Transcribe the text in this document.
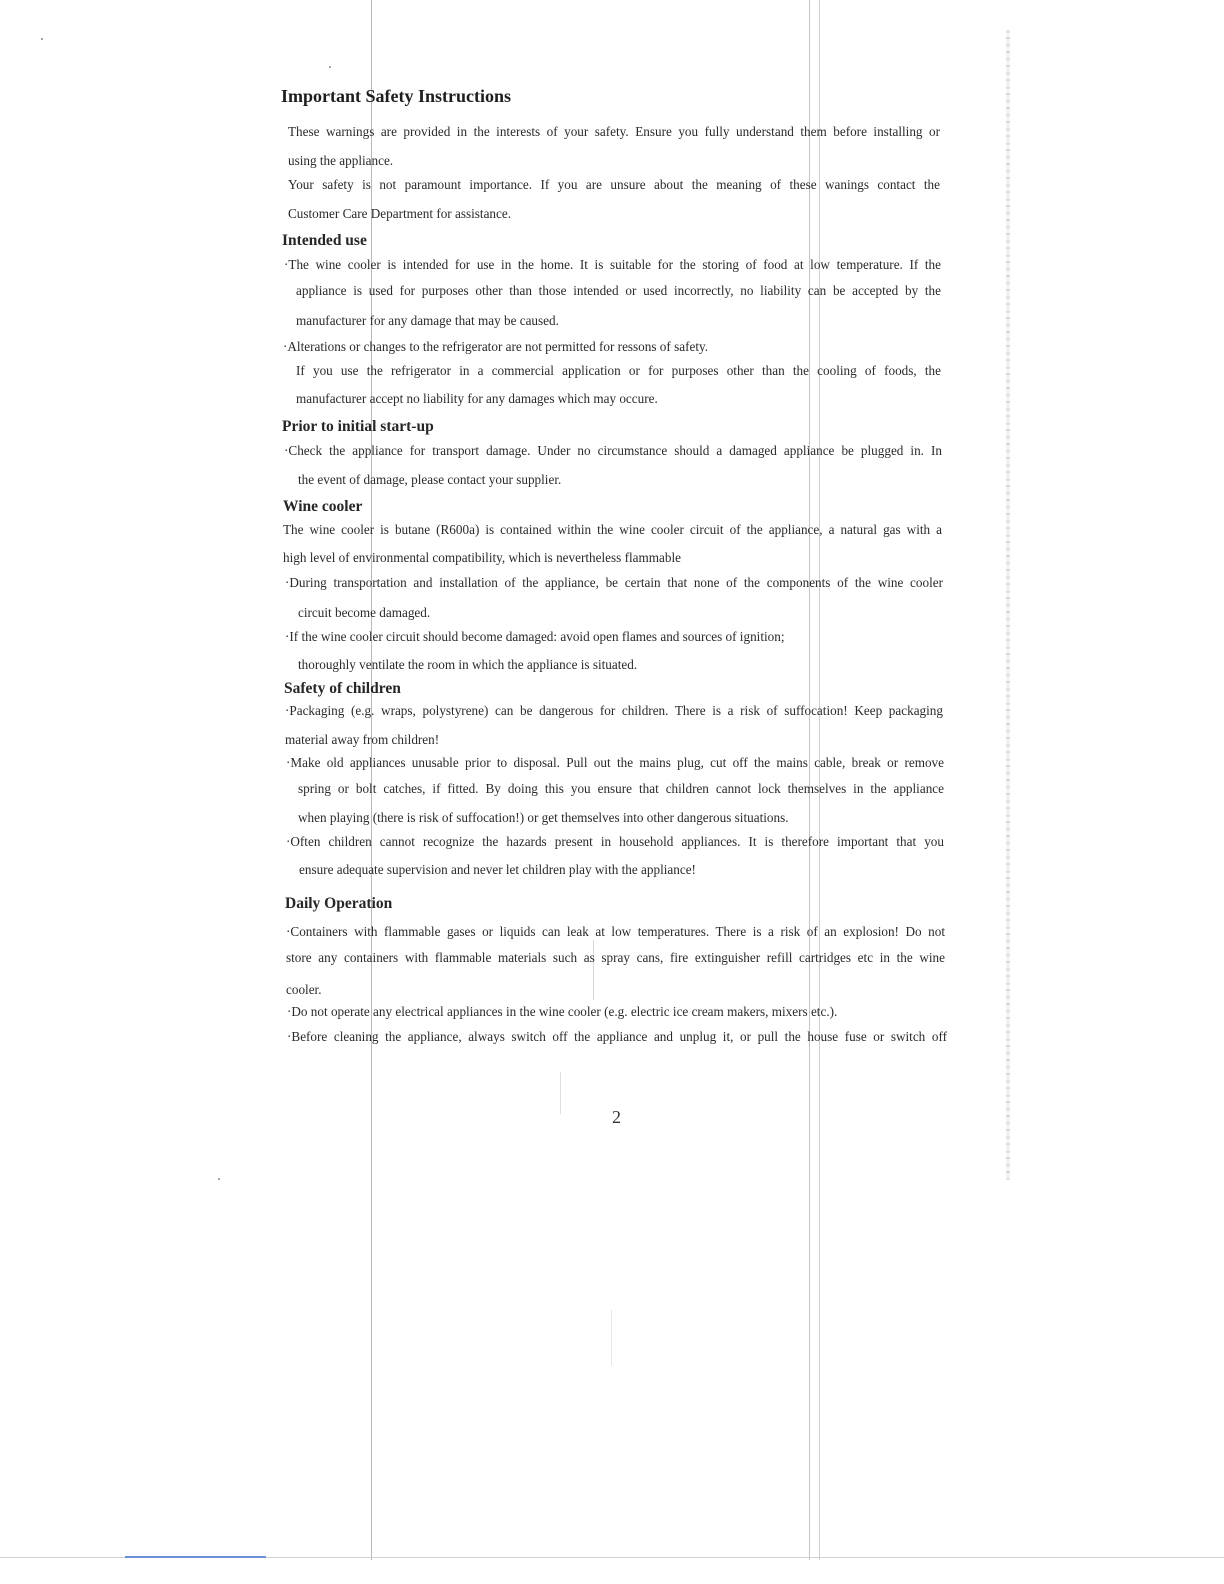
Important Safety Instructions

These warnings are provided in the interests of your safety. Ensure you fully understand them before installing or

using the appliance.

Your safety is not paramount importance. If you are unsure about the meaning of these wanings contact the

Customer Care Department for assistance.

Intended use

·The wine cooler is intended for use in the home. It is suitable for the storing of food at low temperature. If the

appliance is used for purposes other than those intended or used incorrectly, no liability can be accepted by the

manufacturer for any damage that may be caused.

·Alterations or changes to the refrigerator are not permitted for ressons of safety.

If you use the refrigerator in a commercial application or for purposes other than the cooling of foods, the

manufacturer accept no liability for any damages which may occure.

Prior to initial start-up

·Check the appliance for transport damage. Under no circumstance should a damaged appliance be plugged in. In

the event of damage, please contact your supplier.

Wine cooler

The wine cooler is butane (R600a) is contained within the wine cooler circuit of the appliance, a natural gas with a

high level of environmental compatibility, which is nevertheless flammable

·During transportation and installation of the appliance, be certain that none of the components of the wine cooler

circuit become damaged.

·If the wine cooler circuit should become damaged: avoid open flames and sources of ignition;

thoroughly ventilate the room in which the appliance is situated.

Safety of children

·Packaging (e.g. wraps, polystyrene) can be dangerous for children. There is a risk of suffocation! Keep packaging

material away from children!

·Make old appliances unusable prior to disposal. Pull out the mains plug, cut off the mains cable, break or remove

spring or bolt catches, if fitted. By doing this you ensure that children cannot lock themselves in the appliance

when playing (there is risk of suffocation!) or get themselves into other dangerous situations.

·Often children cannot recognize the hazards present in household appliances. It is therefore important that you

ensure adequate supervision and never let children play with the appliance!

Daily Operation

·Containers with flammable gases or liquids can leak at low temperatures. There is a risk of an explosion! Do not

store any containers with flammable materials such as spray cans, fire extinguisher refill cartridges etc in the wine

cooler.

·Do not operate any electrical appliances in the wine cooler (e.g. electric ice cream makers, mixers etc.).

·Before cleaning the appliance, always switch off the appliance and unplug it, or pull the house fuse or switch off

2
